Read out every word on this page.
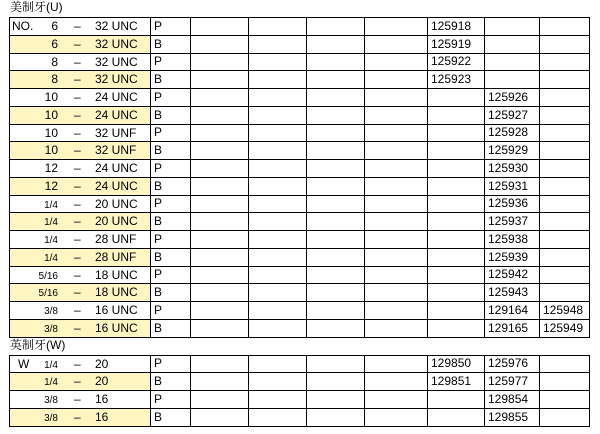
美制牙(U)
NO. 6 – 32 UNC	P					125918		

6 – 32 UNC	B					125919		

8 – 32 UNC	P					125922		

8 – 32 UNC	B					125923		

10 – 24 UNC	P						125926	

10 – 24 UNC	B						125927	

10 – 32 UNF	P						125928	

10 – 32 UNF	B						125929	

12 – 24 UNC	P						125930	

12 – 24 UNC	B						125931	

1/4 – 20 UNC	P						125936	

1/4 – 20 UNC	B						125937	

1/4 – 28 UNF	P						125938	

1/4 – 28 UNF	B						125939	

5/16 – 18 UNC	P						125942	

5/16 – 18 UNC	B						125943	

3/8 – 16 UNC	P						129164	125948

3/8 – 16 UNC	B						129165	125949
英制牙(W)
W 1/4 – 20	P					129850	125976	

1/4 – 20	B					129851	125977	

3/8 – 16	P						129854	

3/8 – 16	B						129855	
